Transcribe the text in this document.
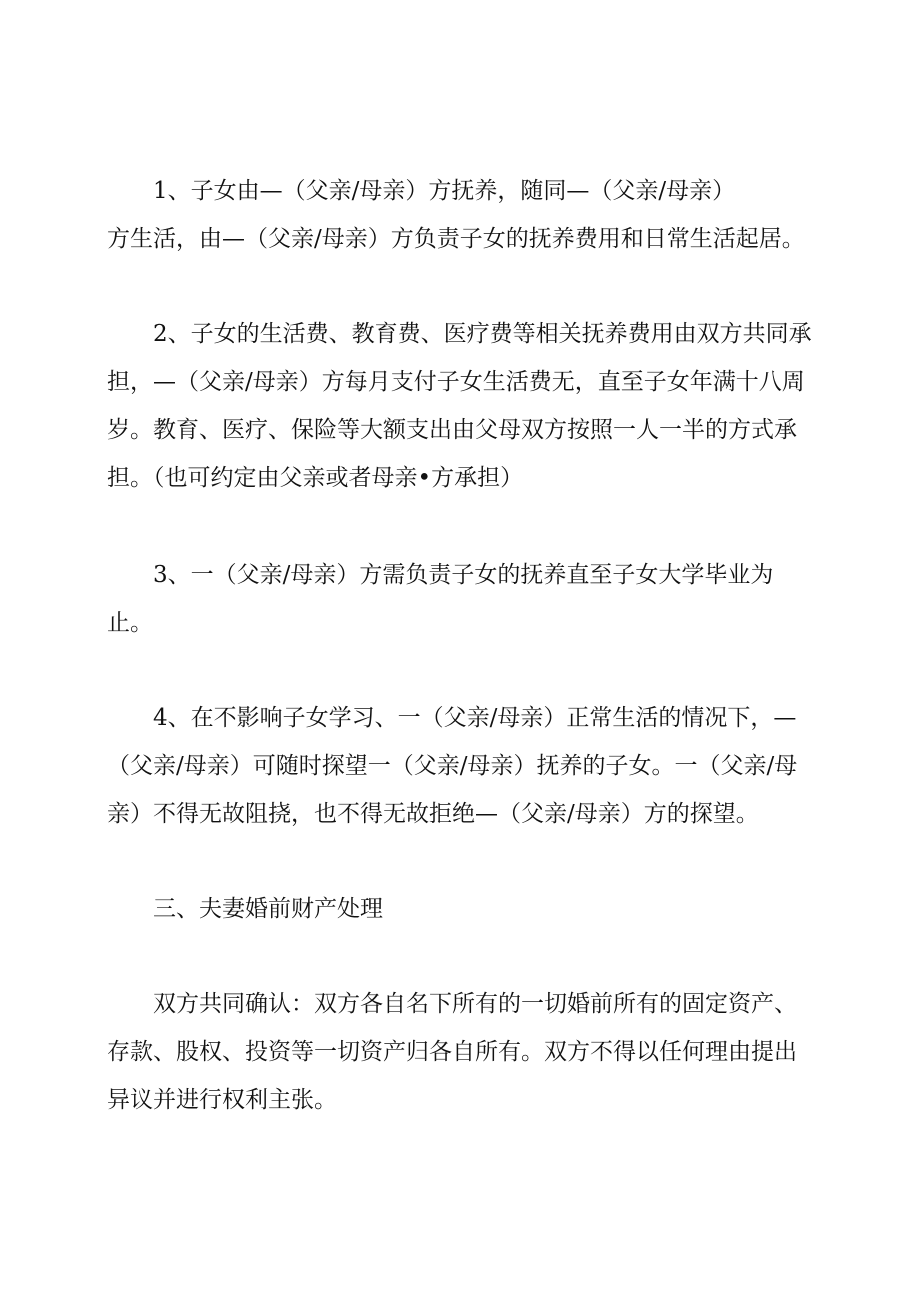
1、子女由—（父亲/母亲）方抚养，随同—（父亲/母亲）
方生活，由—（父亲/母亲）方负责子女的抚养费用和日常生活起居。

2、子女的生活费、教育费、医疗费等相关抚养费用由双方共同承
担，—（父亲/母亲）方每月支付子女生活费无，直至子女年满十八周
岁。教育、医疗、保险等大额支出由父母双方按照一人一半的方式承
担。（也可约定由父亲或者母亲•方承担）

3、一（父亲/母亲）方需负责子女的抚养直至子女大学毕业为
止。

4、在不影响子女学习、一（父亲/母亲）正常生活的情况下，—
（父亲/母亲）可随时探望一（父亲/母亲）抚养的子女。一（父亲/母
亲）不得无故阻挠，也不得无故拒绝—（父亲/母亲）方的探望。

三、夫妻婚前财产处理

双方共同确认：双方各自名下所有的一切婚前所有的固定资产、
存款、股权、投资等一切资产归各自所有。双方不得以任何理由提出
异议并进行权利主张。
